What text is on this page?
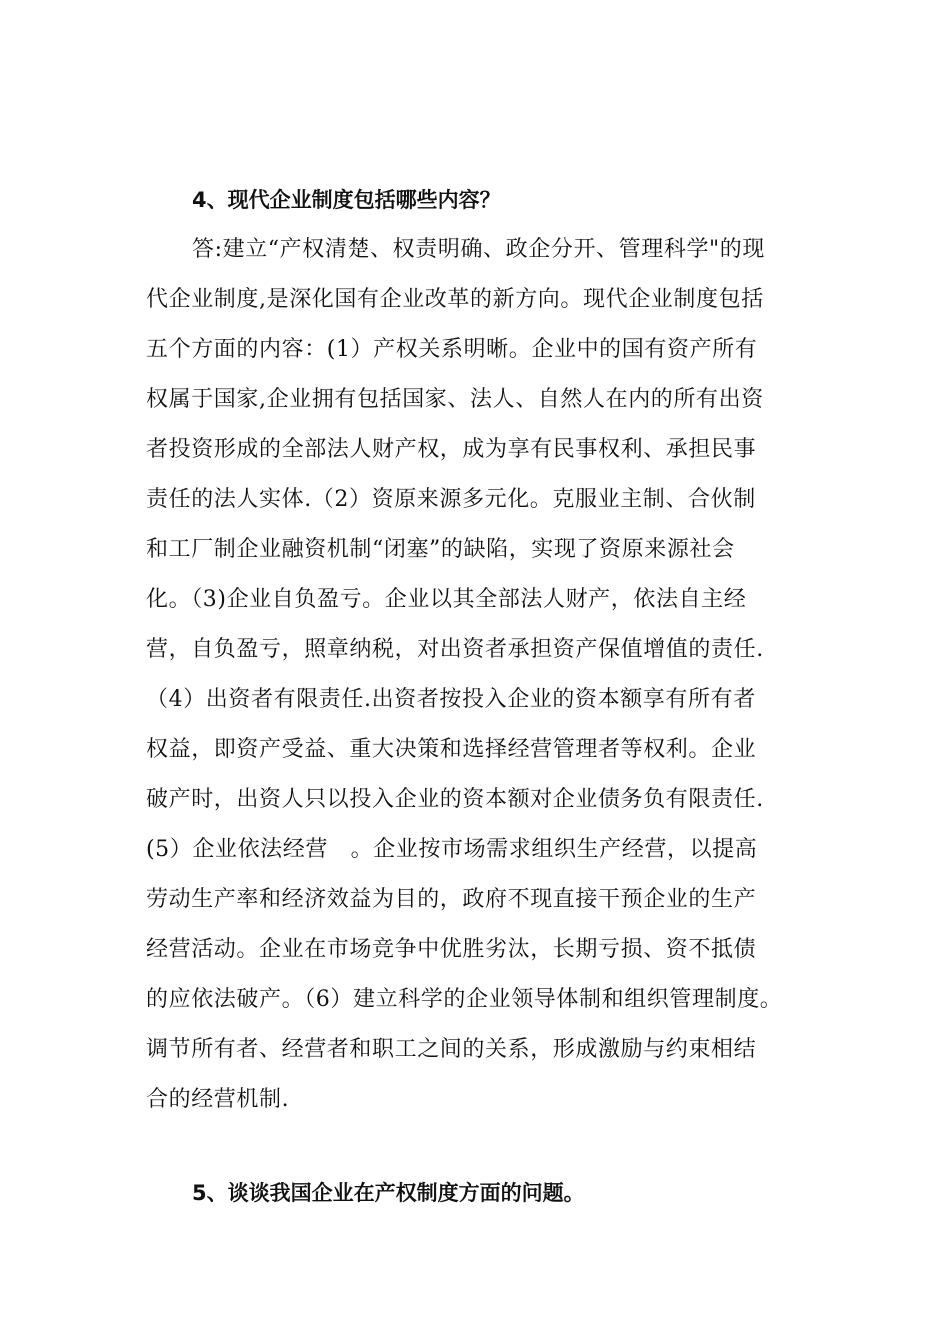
4、现代企业制度包括哪些内容？
答:建立“产权清楚、权责明确、政企分开、管理科学"的现
代企业制度,是深化国有企业改革的新方向。现代企业制度包括
五个方面的内容：(1）产权关系明晰。企业中的国有资产所有
权属于国家,企业拥有包括国家、法人、自然人在内的所有出资
者投资形成的全部法人财产权，成为享有民事权利、承担民事
责任的法人实体.（2）资原来源多元化。克服业主制、合伙制
和工厂制企业融资机制“闭塞”的缺陷，实现了资原来源社会
化。（3)企业自负盈亏。企业以其全部法人财产，依法自主经
营，自负盈亏，照章纳税，对出资者承担资产保值增值的责任.
（4）出资者有限责任.出资者按投入企业的资本额享有所有者
权益，即资产受益、重大决策和选择经营管理者等权利。企业
破产时，出资人只以投入企业的资本额对企业债务负有限责任.
(5）企业依法经营　。企业按市场需求组织生产经营，以提高
劳动生产率和经济效益为目的，政府不现直接干预企业的生产
经营活动。企业在市场竞争中优胜劣汰，长期亏损、资不抵债
的应依法破产。（6）建立科学的企业领导体制和组织管理制度。
调节所有者、经营者和职工之间的关系，形成激励与约束相结
合的经营机制.
5、谈谈我国企业在产权制度方面的问题。
